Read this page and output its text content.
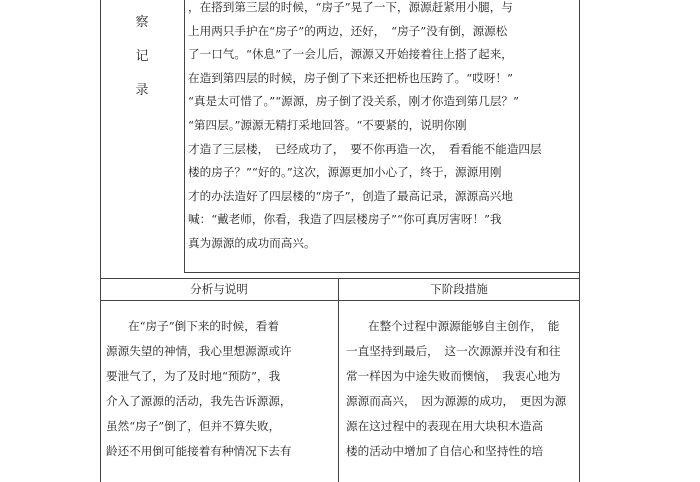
察
记
录
，在搭到第三层的时候，“房子”晃了一下，源源赶紧用小腿，与
上用两只手护在“房子”的两边，还好，　“房子”没有倒，源源松
了一口气。“休息”了一会儿后，源源又开始接着往上搭了起来，
在造到第四层的时候，房子倒了下来还把桥也压跨了。“哎呀！”
“真是太可惜了。”“源源，房子倒了没关系，刚才你造到第几层？”
“第四层。”源源无精打采地回答。“不要紧的，说明你刚
才造了三层楼，　已经成功了，　要不你再造一次，　看看能不能造四层
楼的房子？”“好的。”这次，源源更加小心了，终于，源源用刚
才的办法造好了四层楼的“房子”，创造了最高记录，源源高兴地
喊：“戴老师，你看，我造了四层楼房子”“你可真厉害呀！”我
真为源源的成功而高兴。
分析与说明	下阶段措施
在“房子”倒下来的时候，看着
源源失望的神情，我心里想源源或许
要泄气了，为了及时地“预防”，我
介入了源源的活动，我先告诉源源，
虽然“房子”倒了，但并不算失败，
龄还不用倒可能接着有种情况下去有
在整个过程中源源能够自主创作，　能
一直坚持到最后，　这一次源源并没有和往
常一样因为中途失败而懊恼，　我衷心地为
源源而高兴，　因为源源的成功，　更因为源
源在这过程中的表现在用大块积木造高
楼的活动中增加了自信心和坚持性的培
